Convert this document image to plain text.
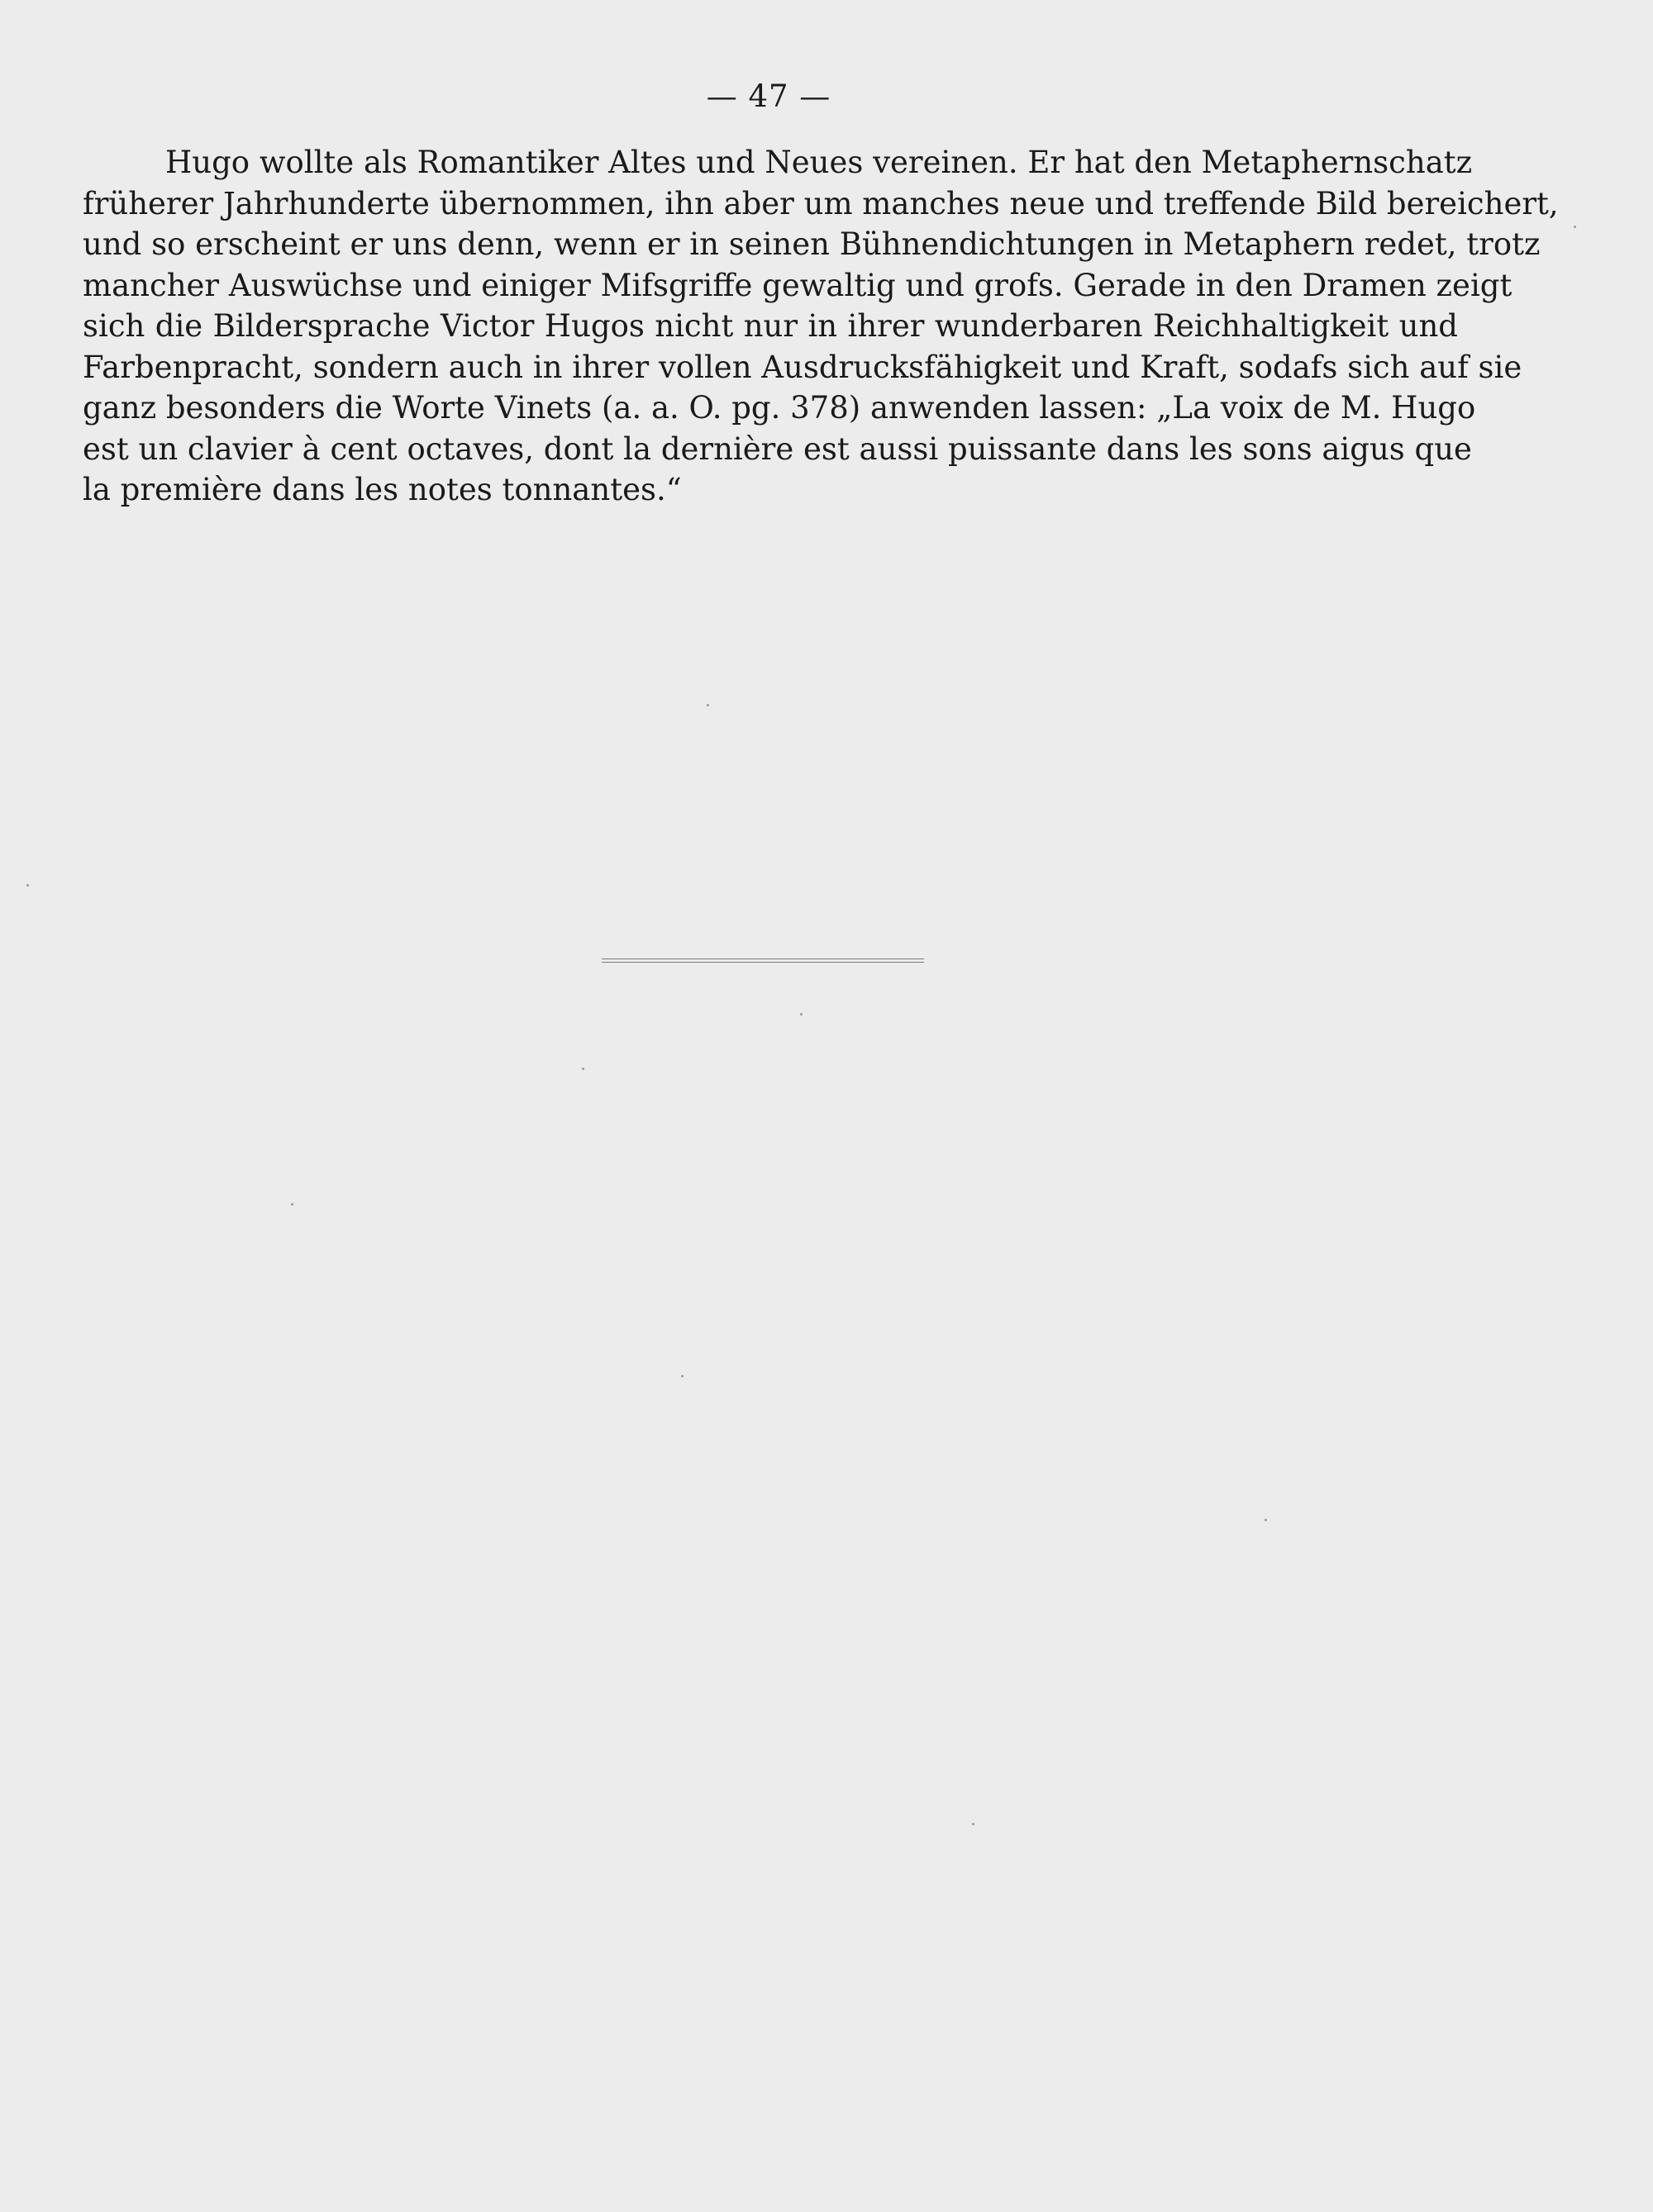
— 47 —
Hugo wollte als Romantiker Altes und Neues vereinen. Er hat den Metaphernschatz
früherer Jahrhunderte übernommen, ihn aber um manches neue und treffende Bild bereichert,
und so erscheint er uns denn, wenn er in seinen Bühnendichtungen in Metaphern redet, trotz
mancher Auswüchse und einiger Mifsgriffe gewaltig und grofs. Gerade in den Dramen zeigt
sich die Bildersprache Victor Hugos nicht nur in ihrer wunderbaren Reichhaltigkeit und
Farbenpracht, sondern auch in ihrer vollen Ausdrucksfähigkeit und Kraft, sodafs sich auf sie
ganz besonders die Worte Vinets (a. a. O. pg. 378) anwenden lassen: „La voix de M. Hugo
est un clavier à cent octaves, dont la dernière est aussi puissante dans les sons aigus que
la première dans les notes tonnantes.“
